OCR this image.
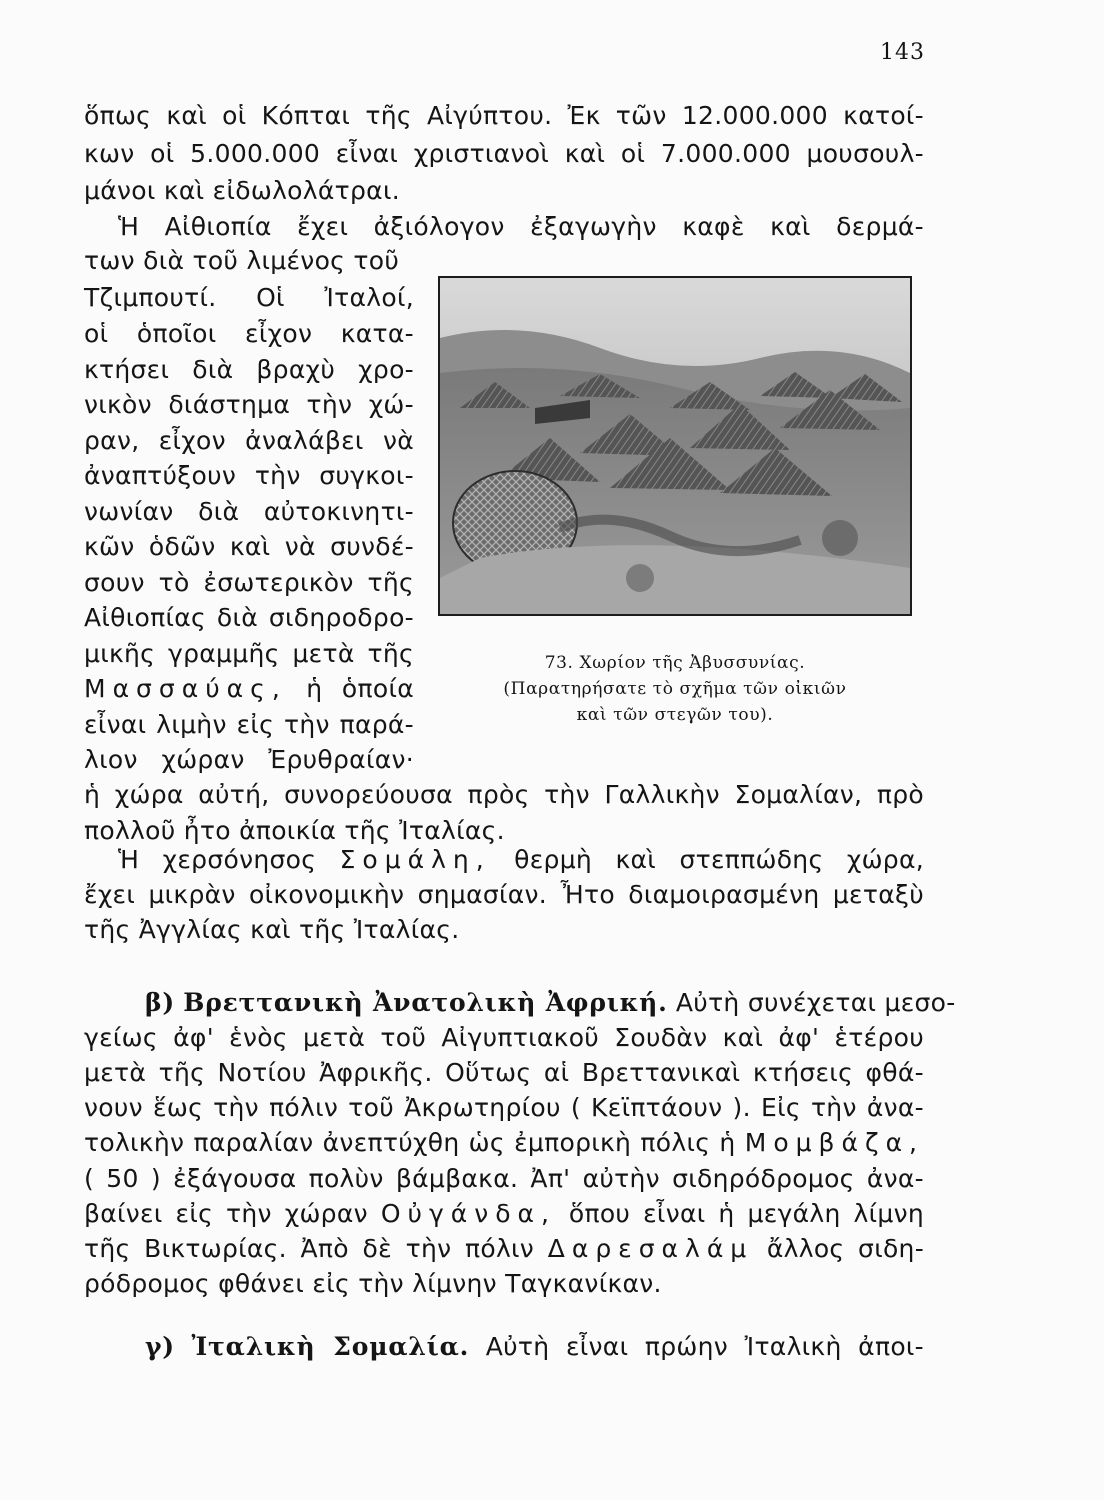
143
ὅπως καὶ οἱ Κόπται τῆς Αἰγύπτου. Ἐκ τῶν 12.000.000 κατοί-
κων οἱ 5.000.000 εἶναι χριστιανοὶ καὶ οἱ 7.000.000 μουσουλ-
μάνοι καὶ εἰδωλολάτραι.
Ἡ Αἰθιοπία ἔχει ἀξιόλογον ἐξαγωγὴν καφὲ καὶ δερμά-
των διὰ τοῦ λιμένος τοῦ
Τζιμπουτί. Οἱ Ἰταλοί,
οἱ ὁποῖοι εἶχον κατα-
κτήσει διὰ βραχὺ χρο-
νικὸν διάστημα τὴν χώ-
ραν, εἶχον ἀναλάβει νὰ
ἀναπτύξουν τὴν συγκοι-
νωνίαν διὰ αὐτοκινητι-
κῶν ὁδῶν καὶ νὰ συνδέ-
σουν τὸ ἐσωτερικὸν τῆς
Αἰθιοπίας διὰ σιδηροδρο-
μικῆς γραμμῆς μετὰ τῆς
Μασσαύας, ἡ ὁποία
εἶναι λιμὴν εἰς τὴν παρά-
λιον χώραν Ἐρυθραίαν·
ἡ χώρα αὐτή, συνορεύουσα πρὸς τὴν Γαλλικὴν Σομαλίαν, πρὸ
πολλοῦ ἦτο ἀποικία τῆς Ἰταλίας.
73. Χωρίον τῆς Ἀβυσσυνίας.
(Παρατηρήσατε τὸ σχῆμα τῶν οἰκιῶν
καὶ τῶν στεγῶν του).
Ἡ χερσόνησος Σομάλη, θερμὴ καὶ στεππώδης χώρα,
ἔχει μικρὰν οἰκονομικὴν σημασίαν. Ἦτο διαμοιρασμένη μεταξὺ
τῆς Ἀγγλίας καὶ τῆς Ἰταλίας.
β) Βρεττανικὴ Ἀνατολικὴ Ἀφρική. Αὐτὴ συνέχεται μεσο-
γείως ἀφ' ἑνὸς μετὰ τοῦ Αἰγυπτιακοῦ Σουδὰν καὶ ἀφ' ἑτέρου
μετὰ τῆς Νοτίου Ἀφρικῆς. Οὕτως αἱ Βρεττανικαὶ κτήσεις φθά-
νουν ἕως τὴν πόλιν τοῦ Ἀκρωτηρίου ( Κεϊπτάουν ). Εἰς τὴν ἀνα-
τολικὴν παραλίαν ἀνεπτύχθη ὡς ἐμπορικὴ πόλις ἡ Μομβάζα,
( 50 ) ἐξάγουσα πολὺν βάμβακα. Ἀπ' αὐτὴν σιδηρόδρομος ἀνα-
βαίνει εἰς τὴν χώραν Οὐγάνδα, ὅπου εἶναι ἡ μεγάλη λίμνη
τῆς Βικτωρίας. Ἀπὸ δὲ τὴν πόλιν Δαρεσαλάμ ἄλλος σιδη-
ρόδρομος φθάνει εἰς τὴν λίμνην Ταγκανίκαν.
γ) Ἰταλικὴ Σομαλία. Αὐτὴ εἶναι πρώην Ἰταλικὴ ἀποι-
